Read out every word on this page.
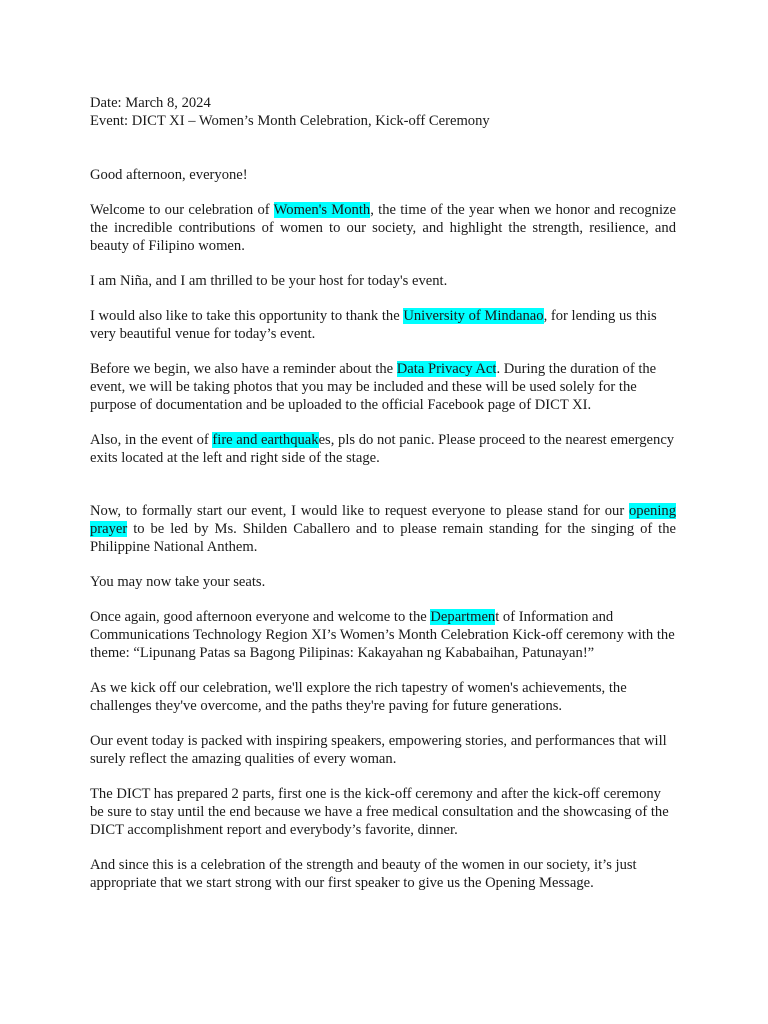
Date: March 8, 2024

Event: DICT XI – Women’s Month Celebration, Kick-off Ceremony

Good afternoon, everyone!

Welcome to our celebration of Women's Month, the time of the year when we honor and recognize the incredible contributions of women to our society, and highlight the strength, resilience, and beauty of Filipino women.

I am Niña, and I am thrilled to be your host for today's event.

I would also like to take this opportunity to thank the University of Mindanao, for lending us this very beautiful venue for today’s event.

Before we begin, we also have a reminder about the Data Privacy Act. During the duration of the event, we will be taking photos that you may be included and these will be used solely for the purpose of documentation and be uploaded to the official Facebook page of DICT XI.

Also, in the event of fire and earthquakes, pls do not panic. Please proceed to the nearest emergency exits located at the left and right side of the stage.

Now, to formally start our event, I would like to request everyone to please stand for our opening prayer to be led by Ms. Shilden Caballero and to please remain standing for the singing of the Philippine National Anthem.

You may now take your seats.

Once again, good afternoon everyone and welcome to the Department of Information and Communications Technology Region XI’s Women’s Month Celebration Kick-off ceremony with the theme: “Lipunang Patas sa Bagong Pilipinas: Kakayahan ng Kababaihan, Patunayan!”

As we kick off our celebration, we'll explore the rich tapestry of women's achievements, the challenges they've overcome, and the paths they're paving for future generations.

Our event today is packed with inspiring speakers, empowering stories, and performances that will surely reflect the amazing qualities of every woman.

The DICT has prepared 2 parts, first one is the kick-off ceremony and after the kick-off ceremony be sure to stay until the end because we have a free medical consultation and the showcasing of the DICT accomplishment report and everybody’s favorite, dinner.

And since this is a celebration of the strength and beauty of the women in our society, it’s just appropriate that we start strong with our first speaker to give us the Opening Message.
